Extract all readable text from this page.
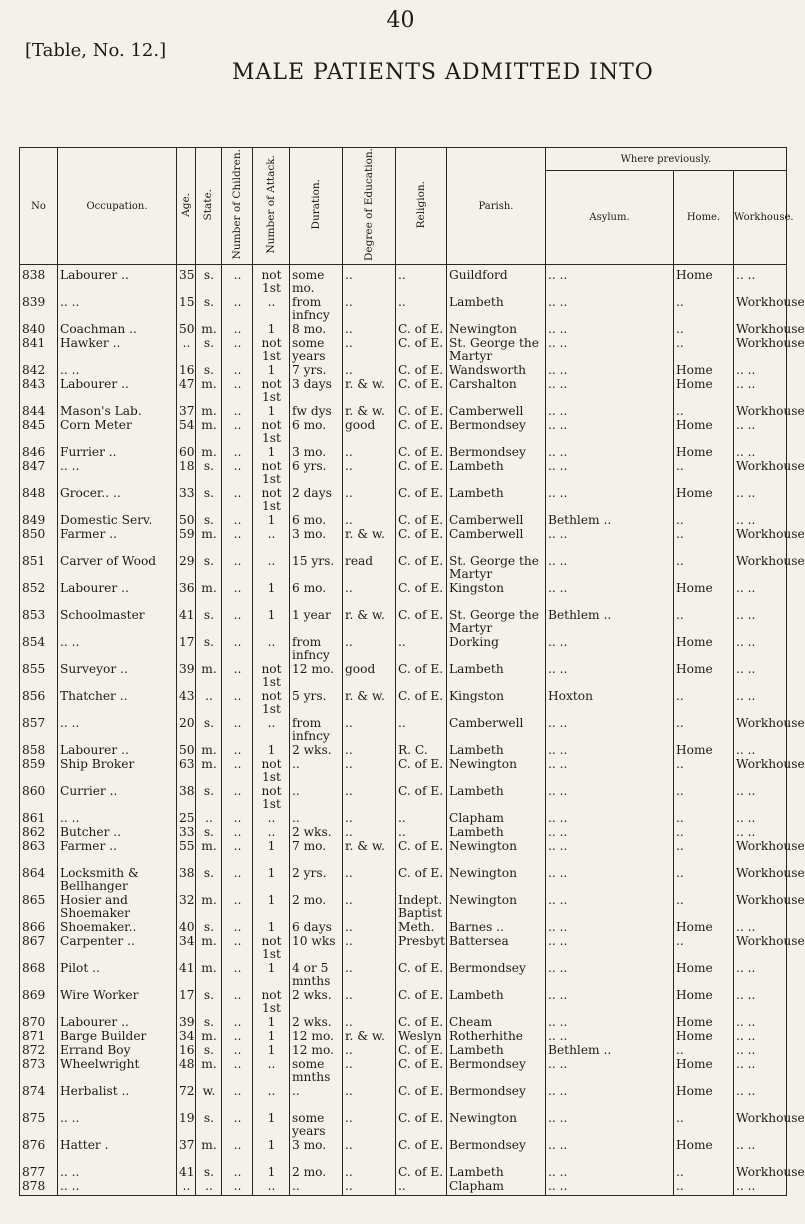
40
[Table, No. 12.]
MALE PATIENTS ADMITTED INTO
No	Occupation.	Age.	State.	Number of Children.	Number of Attack.	Duration.	Degree of Education.	Religion.	Parish.	Where previously.		
										Asylum.	Home.	Workhouse.
838	Labourer ..	35	s.	..	not 1st	some mo.	..	..	Guildford	.. ..	Home	.. ..
839	.. ..	15	s.	..	..	from infncy	..	..	Lambeth	.. ..	..	Workhouse
840	Coachman ..	50	m.	..	1	8 mo.	..	C. of E.	Newington	.. ..	..	Workhouse
841	Hawker ..	..	s.	..	not 1st	some years	..	C. of E.	St. George the Martyr	.. ..	..	Workhouse
842	.. ..	16	s.	..	1	7 yrs.	..	C. of E.	Wandsworth	.. ..	Home	.. ..
843	Labourer ..	47	m.	..	not 1st	3 days	r. & w.	C. of E.	Carshalton	.. ..	Home	.. ..
844	Mason's Lab.	37	m.	..	1	fw dys	r. & w.	C. of E.	Camberwell	.. ..	..	Workhouse
845	Corn Meter	54	m.	..	not 1st	6 mo.	good	C. of E.	Bermondsey	.. ..	Home	.. ..
846	Furrier ..	60	m.	..	1	3 mo.	..	C. of E.	Bermondsey	.. ..	Home	.. ..
847	.. ..	18	s.	..	not 1st	6 yrs.	..	C. of E.	Lambeth	.. ..	..	Workhouse
848	Grocer.. ..	33	s.	..	not 1st	2 days	..	C. of E.	Lambeth	.. ..	Home	.. ..
849	Domestic Serv.	50	s.	..	1	6 mo.	..	C. of E.	Camberwell	Bethlem ..	..	.. ..
850	Farmer ..	59	m.	..	..	3 mo.	r. & w.	C. of E.	Camberwell	.. ..	..	Workhouse
851	Carver of Wood	29	s.	..	..	15 yrs.	read	C. of E.	St. George the Martyr	.. ..	..	Workhouse
852	Labourer ..	36	m.	..	1	6 mo.	..	C. of E.	Kingston	.. ..	Home	.. ..
853	Schoolmaster	41	s.	..	1	1 year	r. & w.	C. of E.	St. George the Martyr	Bethlem ..	..	.. ..
854	.. ..	17	s.	..	..	from infncy	..	..	Dorking	.. ..	Home	.. ..
855	Surveyor ..	39	m.	..	not 1st	12 mo.	good	C. of E.	Lambeth	.. ..	Home	.. ..
856	Thatcher ..	43	..	..	not 1st	5 yrs.	r. & w.	C. of E.	Kingston	Hoxton	..	.. ..
857	.. ..	20	s.	..	..	from infncy	..	..	Camberwell	.. ..	..	Workhouse
858	Labourer ..	50	m.	..	1	2 wks.	..	R. C.	Lambeth	.. ..	Home	.. ..
859	Ship Broker	63	m.	..	not 1st	..	..	C. of E.	Newington	.. ..	..	Workhouse
860	Currier ..	38	s.	..	not 1st	..	..	C. of E.	Lambeth	.. ..	..	.. ..
861	.. ..	25	..	..	..	..	..	..	Clapham	.. ..	..	.. ..
862	Butcher ..	33	s.	..	..	2 wks.	..	..	Lambeth	.. ..	..	.. ..
863	Farmer ..	55	m.	..	1	7 mo.	r. & w.	C. of E.	Newington	.. ..	..	Workhouse
864	Locksmith & Bellhanger	38	s.	..	1	2 yrs.	..	C. of E.	Newington	.. ..	..	Workhouse
865	Hosier and Shoemaker	32	m.	..	1	2 mo.	..	Indept. Baptist	Newington	.. ..	..	Workhouse
866	Shoemaker..	40	s.	..	1	6 days	..	Meth.	Barnes ..	.. ..	Home	.. ..
867	Carpenter ..	34	m.	..	not 1st	10 wks	..	Presbyt	Battersea	.. ..	..	Workhouse
868	Pilot ..	41	m.	..	1	4 or 5 mnths	..	C. of E.	Bermondsey	.. ..	Home	.. ..
869	Wire Worker	17	s.	..	not 1st	2 wks.	..	C. of E.	Lambeth	.. ..	Home	.. ..
870	Labourer ..	39	s.	..	1	2 wks.	..	C. of E.	Cheam	.. ..	Home	.. ..
871	Barge Builder	34	m.	..	1	12 mo.	r. & w.	Weslyn	Rotherhithe	.. ..	Home	.. ..
872	Errand Boy	16	s.	..	1	12 mo.	..	C. of E.	Lambeth	Bethlem ..	..	.. ..
873	Wheelwright	48	m.	..	..	some mnths	..	C. of E.	Bermondsey	.. ..	Home	.. ..
874	Herbalist ..	72	w.	..	..	..	..	C. of E.	Bermondsey	.. ..	Home	.. ..
875	.. ..	19	s.	..	1	some years	..	C. of E.	Newington	.. ..	..	Workhouse
876	Hatter .	37	m.	..	1	3 mo.	..	C. of E.	Bermondsey	.. ..	Home	.. ..
877	.. ..	41	s.	..	1	2 mo.	..	C. of E.	Lambeth	.. ..	..	Workhouse
878	.. ..	..	..	..	..	..	..	..	Clapham	.. ..	..	.. ..
